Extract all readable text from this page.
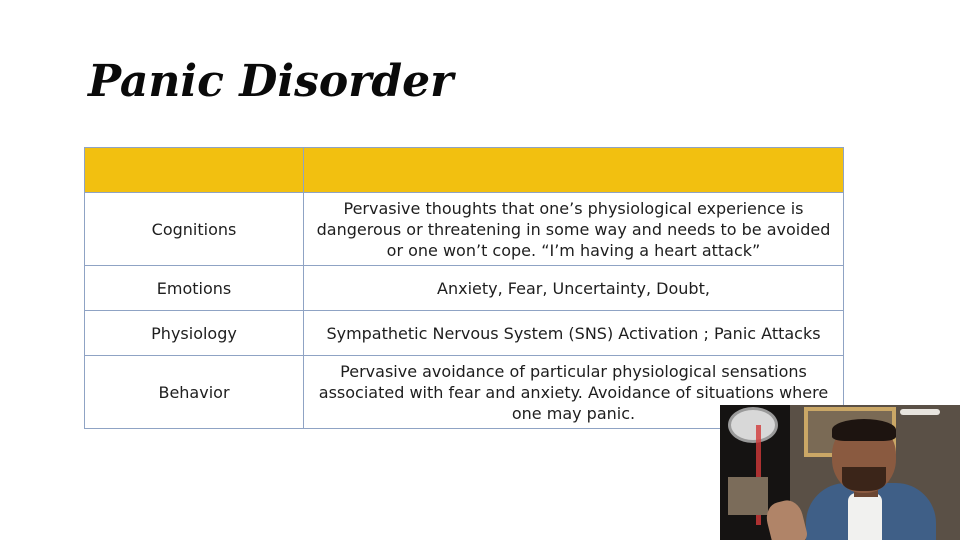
Panic Disorder

Cognitions	Pervasive thoughts that one’s physiological experience is dangerous or threatening in some way and needs to be avoided or one won’t cope. “I’m having a heart attack”
Emotions	Anxiety, Fear, Uncertainty, Doubt,
Physiology	Sympathetic Nervous System (SNS) Activation ; Panic Attacks
Behavior	Pervasive avoidance of particular physiological sensations associated with fear and anxiety. Avoidance of situations where one may panic.
